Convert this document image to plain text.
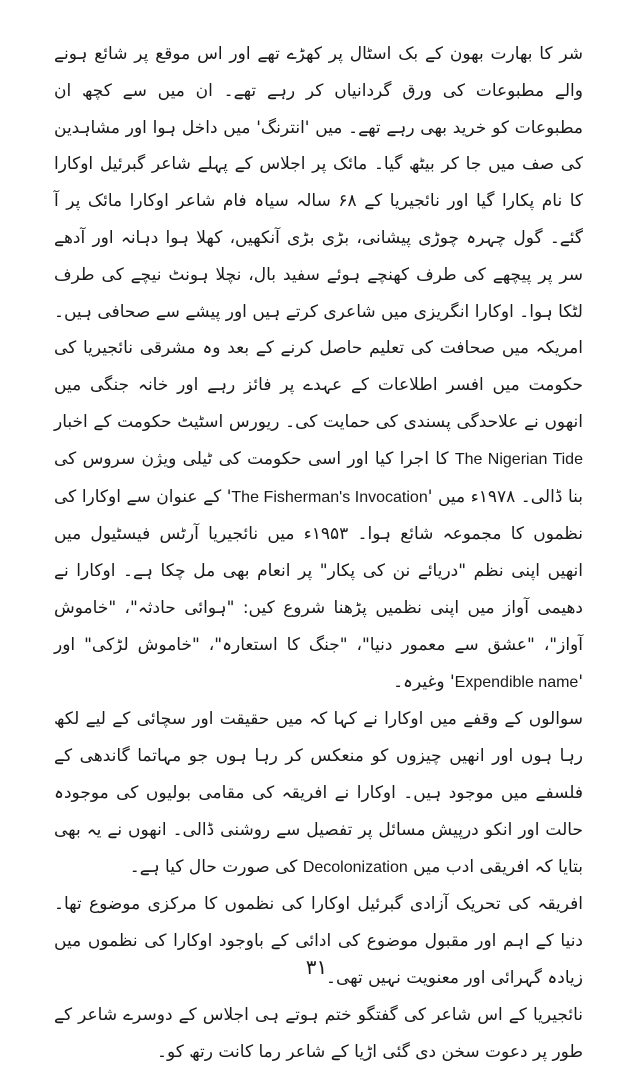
شر کا بھارت بھون کے بک اسٹال پر کھڑے تھے اور اس موقع پر شائع ہونے والے مطبوعات کی ورق گردانیاں کر رہے تھے۔ ان میں سے کچھ ان مطبوعات کو خرید بھی رہے تھے۔ میں 'انترنگ' میں داخل ہوا اور مشاہدین کی صف میں جا کر بیٹھ گیا۔ مائک پر اجلاس کے پہلے شاعر گبرئیل اوکارا کا نام پکارا گیا اور نائجیریا کے ۶۸ سالہ سیاہ فام شاعر اوکارا مائک پر آ گئے۔ گول چہرہ چوڑی پیشانی، بڑی بڑی آنکھیں، کھلا ہوا دہانہ اور آدھے سر پر پیچھے کی طرف کھنچے ہوئے سفید بال، نچلا ہونٹ نیچے کی طرف لٹکا ہوا۔ اوکارا انگریزی میں شاعری کرتے ہیں اور پیشے سے صحافی ہیں۔ امریکہ میں صحافت کی تعلیم حاصل کرنے کے بعد وہ مشرقی نائجیریا کی حکومت میں افسر اطلاعات کے عہدے پر فائز رہے اور خانہ جنگی میں انھوں نے علاحدگی پسندی کی حمایت کی۔ ریورس اسٹیٹ حکومت کے اخبار The Nigerian Tide کا اجرا کیا اور اسی حکومت کی ٹیلی ویژن سروس کی بنا ڈالی۔ ۱۹۷۸ء میں 'The Fisherman's Invocation' کے عنوان سے اوکارا کی نظموں کا مجموعہ شائع ہوا۔ ۱۹۵۳ء میں نائجیریا آرٹس فیسٹیول میں انھیں اپنی نظم "دریائے نن کی پکار" پر انعام بھی مل چکا ہے۔ اوکارا نے دھیمی آواز میں اپنی نظمیں پڑھنا شروع کیں: "ہوائی حادثہ"، "خاموش آواز"، "عشق سے معمور دنیا"، "جنگ کا استعارہ"، "خاموش لڑکی" اور 'Expendible name' وغیرہ۔

سوالوں کے وقفے میں اوکارا نے کہا کہ میں حقیقت اور سچائی کے لیے لکھ رہا ہوں اور انھیں چیزوں کو منعکس کر رہا ہوں جو مہاتما گاندھی کے فلسفے میں موجود ہیں۔ اوکارا نے افریقہ کی مقامی بولیوں کی موجودہ حالت اور انکو درپیش مسائل پر تفصیل سے روشنی ڈالی۔ انھوں نے یہ بھی بتایا کہ افریقی ادب میں Decolonization کی صورت حال کیا ہے۔

افریقہ کی تحریک آزادی گبرئیل اوکارا کی نظموں کا مرکزی موضوع تھا۔ دنیا کے اہم اور مقبول موضوع کی ادائی کے باوجود اوکارا کی نظموں میں زیادہ گہرائی اور معنویت نہیں تھی۔

نائجیریا کے اس شاعر کی گفتگو ختم ہوتے ہی اجلاس کے دوسرے شاعر کے طور پر دعوت سخن دی گئی اڑیا کے شاعر رما کانت رتھ کو۔

۳۱
